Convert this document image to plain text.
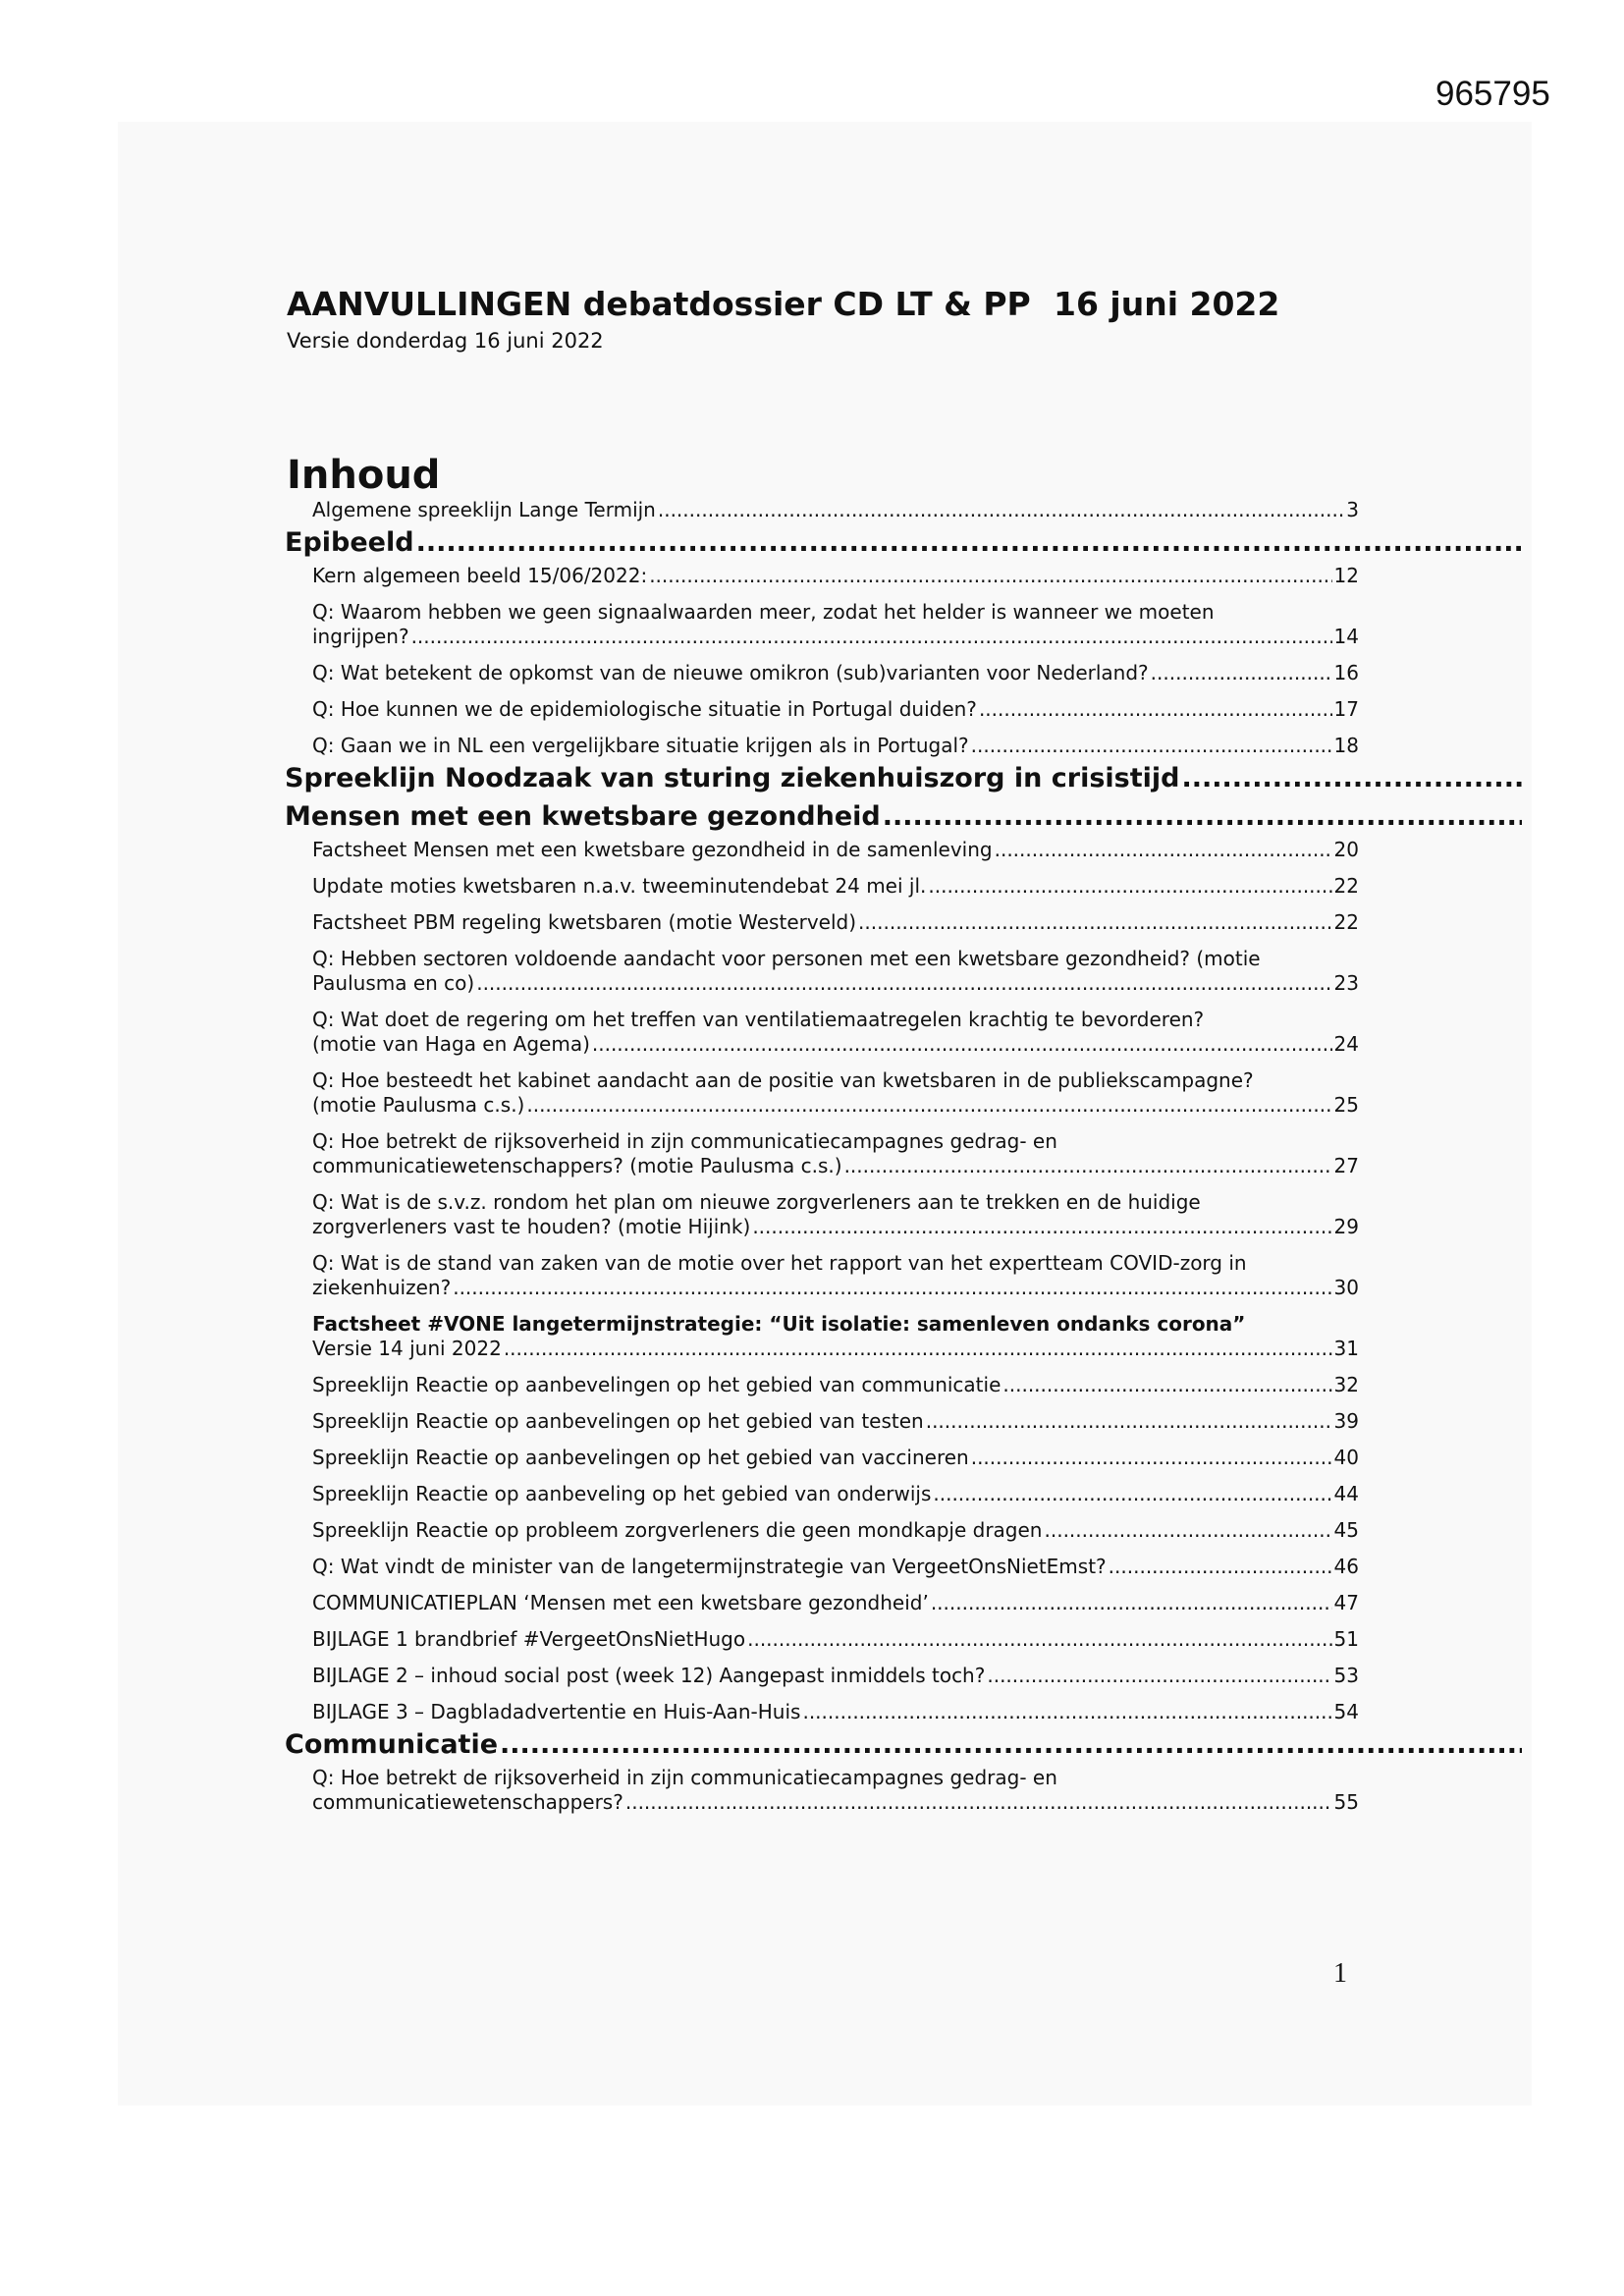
965795
AANVULLINGEN debatdossier CD LT & PP 16 juni 2022
Versie donderdag 16 juni 2022
Inhoud
Algemene spreeklijn Lange Termijn .....	3
Epibeeld
.....
Kern algemeen beeld 15/06/2022: .....	12
Q: Waarom hebben we geen signaalwaarden meer, zodat het helder is wanneer we moeten
ingrijpen? .....	14
Q: Wat betekent de opkomst van de nieuwe omikron (sub)varianten voor Nederland? .....	16
Q: Hoe kunnen we de epidemiologische situatie in Portugal duiden? .....	17
Q: Gaan we in NL een vergelijkbare situatie krijgen als in Portugal? .....	18
Spreeklijn Noodzaak van sturing ziekenhuiszorg in crisistijd
.....
Mensen met een kwetsbare gezondheid
.....
Factsheet Mensen met een kwetsbare gezondheid in de samenleving .....	20
Update moties kwetsbaren n.a.v. tweeminutendebat 24 mei jl. .....	22
Factsheet PBM regeling kwetsbaren (motie Westerveld) .....	22
Q: Hebben sectoren voldoende aandacht voor personen met een kwetsbare gezondheid? (motie
Paulusma en co) .....	23
Q: Wat doet de regering om het treffen van ventilatiemaatregelen krachtig te bevorderen?
(motie van Haga en Agema) .....	24
Q: Hoe besteedt het kabinet aandacht aan de positie van kwetsbaren in de publiekscampagne?
(motie Paulusma c.s.) .....	25
Q: Hoe betrekt de rijksoverheid in zijn communicatiecampagnes gedrag- en
communicatiewetenschappers? (motie Paulusma c.s.) .....	27
Q: Wat is de s.v.z. rondom het plan om nieuwe zorgverleners aan te trekken en de huidige
zorgverleners vast te houden? (motie Hijink) .....	29
Q: Wat is de stand van zaken van de motie over het rapport van het expertteam COVID-zorg in
ziekenhuizen? .....	30
Factsheet #VONE langetermijnstrategie: “Uit isolatie: samenleven ondanks corona”
Versie 14 juni 2022 .....	31
Spreeklijn Reactie op aanbevelingen op het gebied van communicatie .....	32
Spreeklijn Reactie op aanbevelingen op het gebied van testen .....	39
Spreeklijn Reactie op aanbevelingen op het gebied van vaccineren .....	40
Spreeklijn Reactie op aanbeveling op het gebied van onderwijs .....	44
Spreeklijn Reactie op probleem zorgverleners die geen mondkapje dragen .....	45
Q: Wat vindt de minister van de langetermijnstrategie van VergeetOnsNietEmst? .....	46
COMMUNICATIEPLAN ‘Mensen met een kwetsbare gezondheid’ .....	47
BIJLAGE 1 brandbrief #VergeetOnsNietHugo .....	51
BIJLAGE 2 – inhoud social post (week 12) Aangepast inmiddels toch? .....	53
BIJLAGE 3 – Dagbladadvertentie en Huis-Aan-Huis .....	54
Communicatie
.....
Q: Hoe betrekt de rijksoverheid in zijn communicatiecampagnes gedrag- en
communicatiewetenschappers? .....	55
1
